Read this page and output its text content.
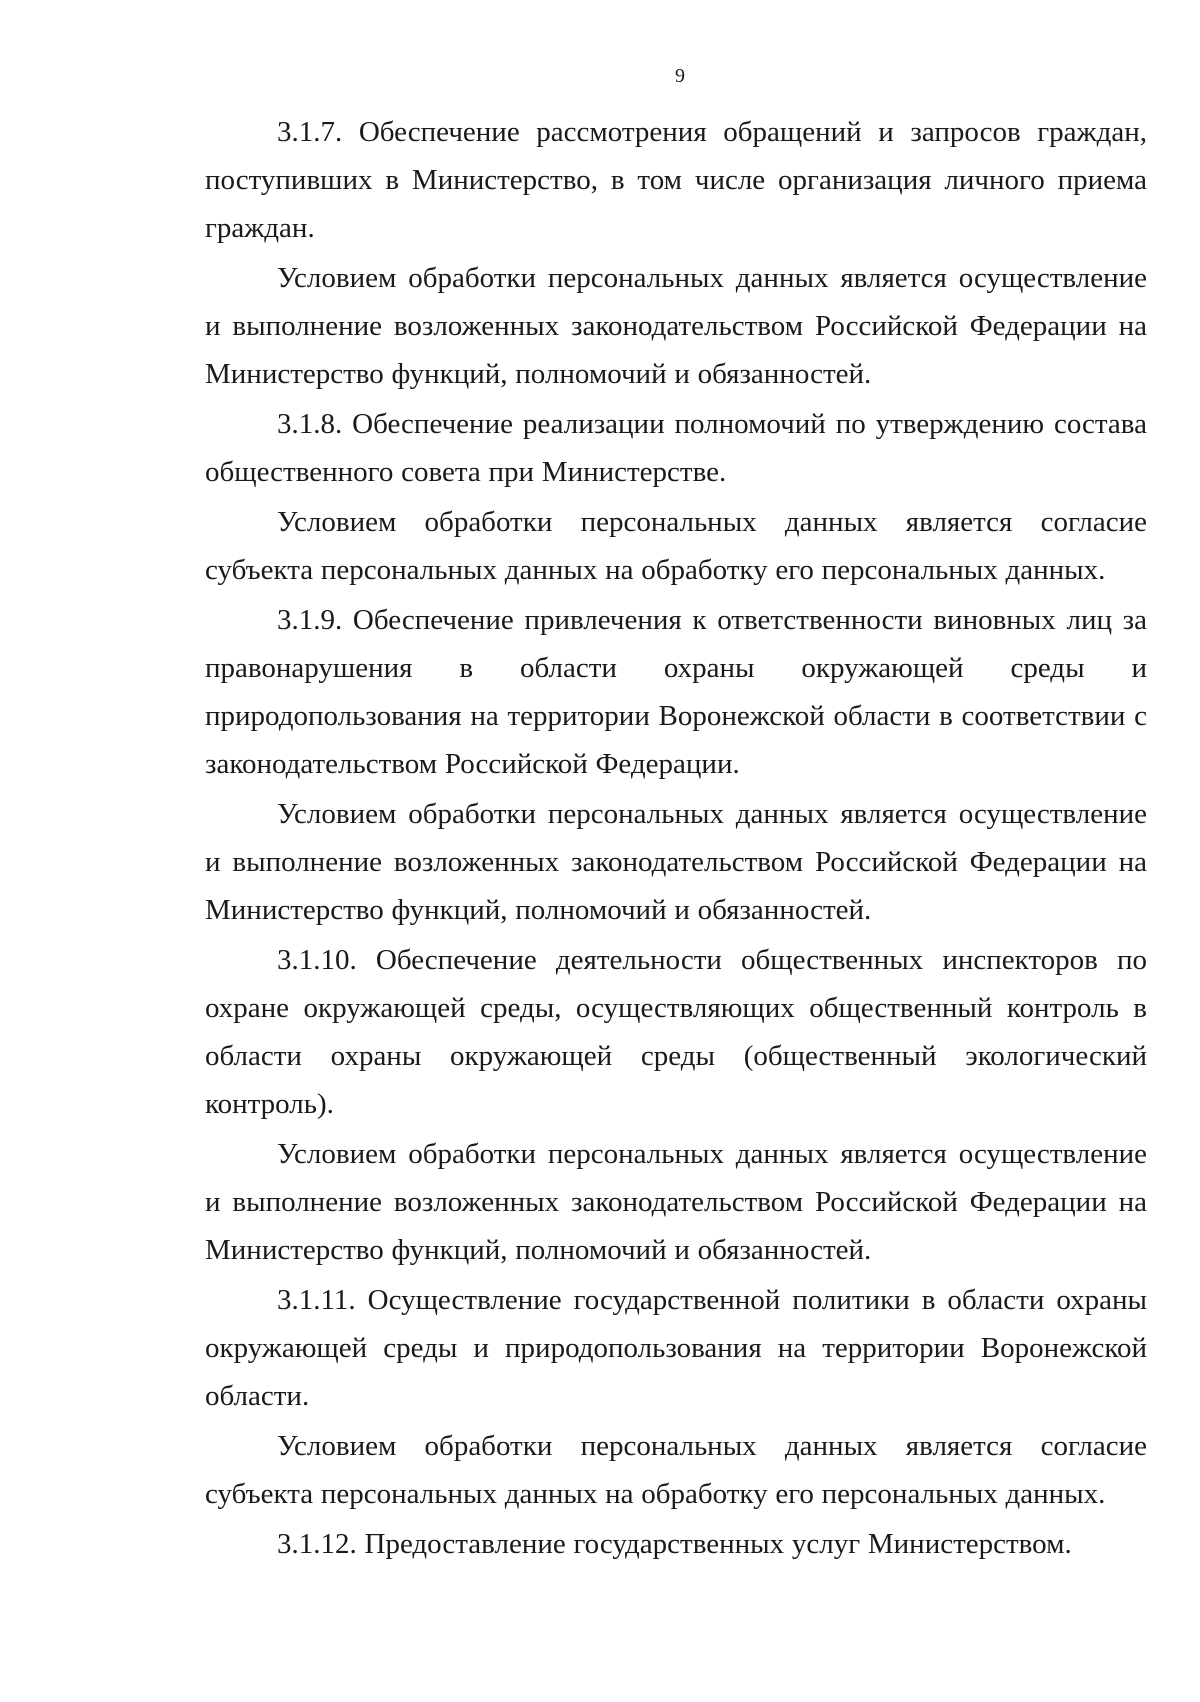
9

3.1.7. Обеспечение рассмотрения обращений и запросов граждан, поступивших в Министерство, в том числе организация личного приема граждан.

Условием обработки персональных данных является осуществление и выполнение возложенных законодательством Российской Федерации на Министерство функций, полномочий и обязанностей.

3.1.8. Обеспечение реализации полномочий по утверждению состава общественного совета при Министерстве.

Условием обработки персональных данных является согласие субъекта персональных данных на обработку его персональных данных.

3.1.9. Обеспечение привлечения к ответственности виновных лиц за правонарушения в области охраны окружающей среды и природопользования на территории Воронежской области в соответствии с законодательством Российской Федерации.

Условием обработки персональных данных является осуществление и выполнение возложенных законодательством Российской Федерации на Министерство функций, полномочий и обязанностей.

3.1.10. Обеспечение деятельности общественных инспекторов по охране окружающей среды, осуществляющих общественный контроль в области охраны окружающей среды (общественный экологический контроль).

Условием обработки персональных данных является осуществление и выполнение возложенных законодательством Российской Федерации на Министерство функций, полномочий и обязанностей.

3.1.11. Осуществление государственной политики в области охраны окружающей среды и природопользования на территории Воронежской области.

Условием обработки персональных данных является согласие субъекта персональных данных на обработку его персональных данных.

3.1.12. Предоставление государственных услуг Министерством.
